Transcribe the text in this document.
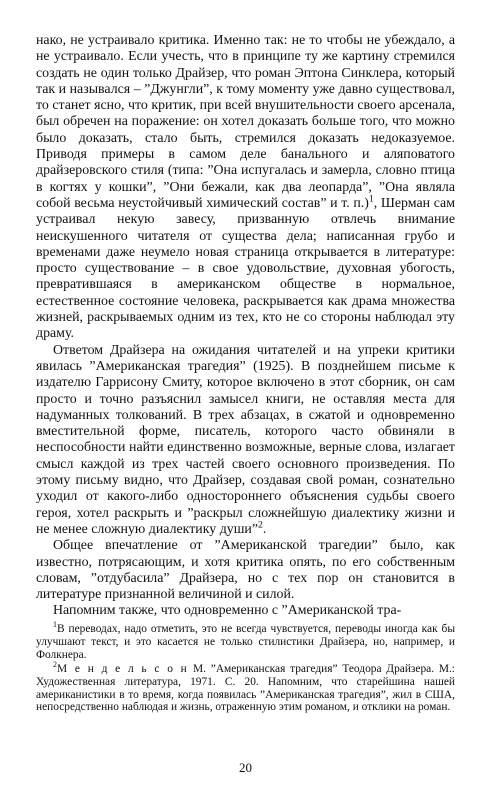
нако, не устраивало критика. Именно так: не то чтобы не убеждало, а не устраивало. Если учесть, что в принципе ту же картину стремился создать не один только Драйзер, что роман Эптона Синклера, который так и назывался – ”Джунгли”, к тому моменту уже давно существовал, то станет ясно, что критик, при всей внушительности своего арсенала, был обречен на поражение: он хотел доказать больше того, что можно было доказать, стало быть, стремился доказать недоказуемое. Приводя примеры в самом деле банального и аляповатого драйзеровского стиля (типа: ”Она испугалась и замерла, словно птица в когтях у кошки”, ”Они бежали, как два леопарда”, ”Она являла собой весьма неустойчивый химический состав” и т. п.)$^1$, Шерман сам устраивал некую завесу, призванную отвлечь внимание неискушенного читателя от существа дела; написанная грубо и временами даже неумело новая страница открывается в литературе: просто существование – в свое удовольствие, духовная убогость, превратившаяся в американском обществе в нормальное, естественное состояние человека, раскрывается как драма множества жизней, раскрываемых одним из тех, кто не со стороны наблюдал эту драму.

Ответом Драйзера на ожидания читателей и на упреки критики явилась ”Американская трагедия” (1925). В позднейшем письме к издателю Гаррисону Смиту, которое включено в этот сборник, он сам просто и точно разъяснил замысел книги, не оставляя места для надуманных толкований. В трех абзацах, в сжатой и одновременно вместительной форме, писатель, которого часто обвиняли в неспособности найти единственно возможные, верные слова, излагает смысл каждой из трех частей своего основного произведения. По этому письму видно, что Драйзер, создавая свой роман, сознательно уходил от какого-либо одностороннего объяснения судьбы своего героя, хотел раскрыть и ”раскрыл сложнейшую диалектику жизни и не менее сложную диалектику души”$^2$.

Общее впечатление от ”Американской трагедии” было, как известно, потрясающим, и хотя критика опять, по его собственным словам, ”отдубасила” Драйзера, но с тех пор он становится в литературе признанной величиной и силой.

Напомним также, что одновременно с ”Американской тра-

$^1$В переводах, надо отметить, это не всегда чувствуется, переводы иногда как бы улучшают текст, и это касается не только стилистики Драйзера, но, например, и Фолкнера.

$^2$М е н д е л ь с о н М. ”Американская трагедия” Теодора Драйзера. М.: Художественная литература, 1971. С. 20. Напомним, что старейшина нашей американистики в то время, когда появилась ”Американская трагедия”, жил в США, непосредственно наблюдая и жизнь, отраженную этим романом, и отклики на роман.

20
